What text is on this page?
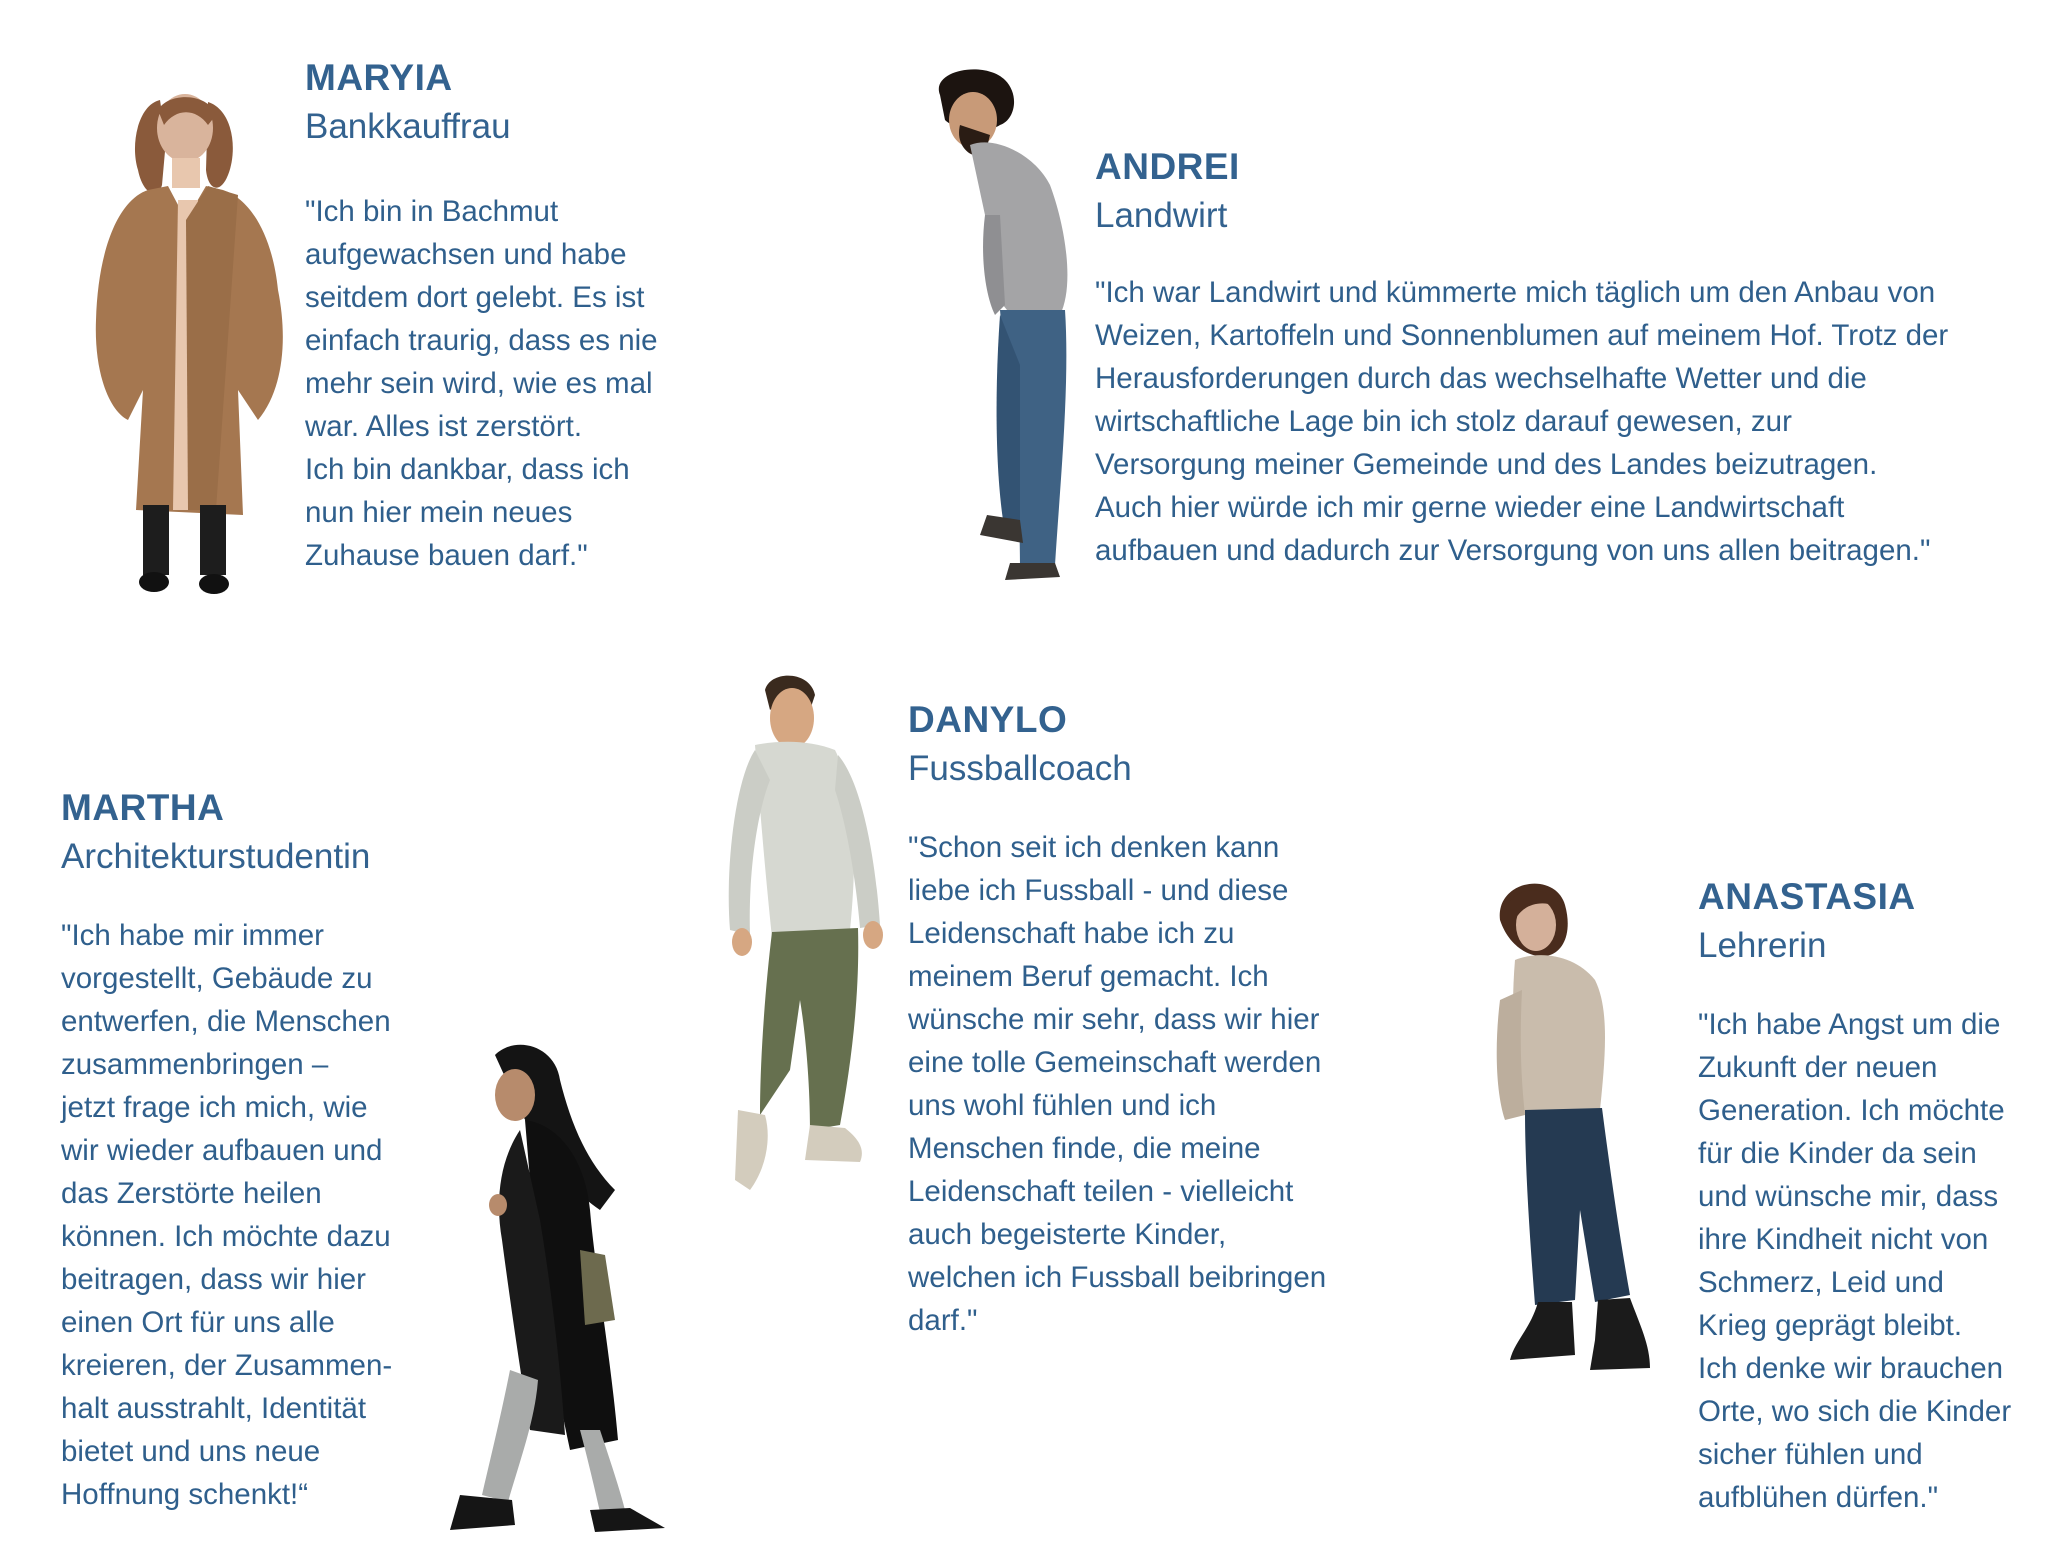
MARYIA
Bankkauffrau
"Ich bin in Bachmut
aufgewachsen und habe
seitdem dort gelebt. Es ist
einfach traurig, dass es nie
mehr sein wird, wie es mal
war. Alles ist zerstört.
Ich bin dankbar, dass ich
nun hier mein neues
Zuhause bauen darf."
ANDREI
Landwirt
"Ich war Landwirt und kümmerte mich täglich um den Anbau von
Weizen, Kartoffeln und Sonnenblumen auf meinem Hof. Trotz der
Herausforderungen durch das wechselhafte Wetter und die
wirtschaftliche Lage bin ich stolz darauf gewesen, zur
Versorgung meiner Gemeinde und des Landes beizutragen.
Auch hier würde ich mir gerne wieder eine Landwirtschaft
aufbauen und dadurch zur Versorgung von uns allen beitragen."
DANYLO
Fussballcoach
"Schon seit ich denken kann
liebe ich Fussball - und diese
Leidenschaft habe ich zu
meinem Beruf gemacht. Ich
wünsche mir sehr, dass wir hier
eine tolle Gemeinschaft werden
uns wohl fühlen und ich
Menschen finde, die meine
Leidenschaft teilen - vielleicht
auch begeisterte Kinder,
welchen ich Fussball beibringen
darf."
MARTHA
Architekturstudentin
"Ich habe mir immer
vorgestellt, Gebäude zu
entwerfen, die Menschen
zusammenbringen –
jetzt frage ich mich, wie
wir wieder aufbauen und
das Zerstörte heilen
können. Ich möchte dazu
beitragen, dass wir hier
einen Ort für uns alle
kreieren, der Zusammen-
halt ausstrahlt, Identität
bietet und uns neue
Hoffnung schenkt!“
ANASTASIA
Lehrerin
"Ich habe Angst um die
Zukunft der neuen
Generation. Ich möchte
für die Kinder da sein
und wünsche mir, dass
ihre Kindheit nicht von
Schmerz, Leid und
Krieg geprägt bleibt.
Ich denke wir brauchen
Orte, wo sich die Kinder
sicher fühlen und
aufblühen dürfen."
